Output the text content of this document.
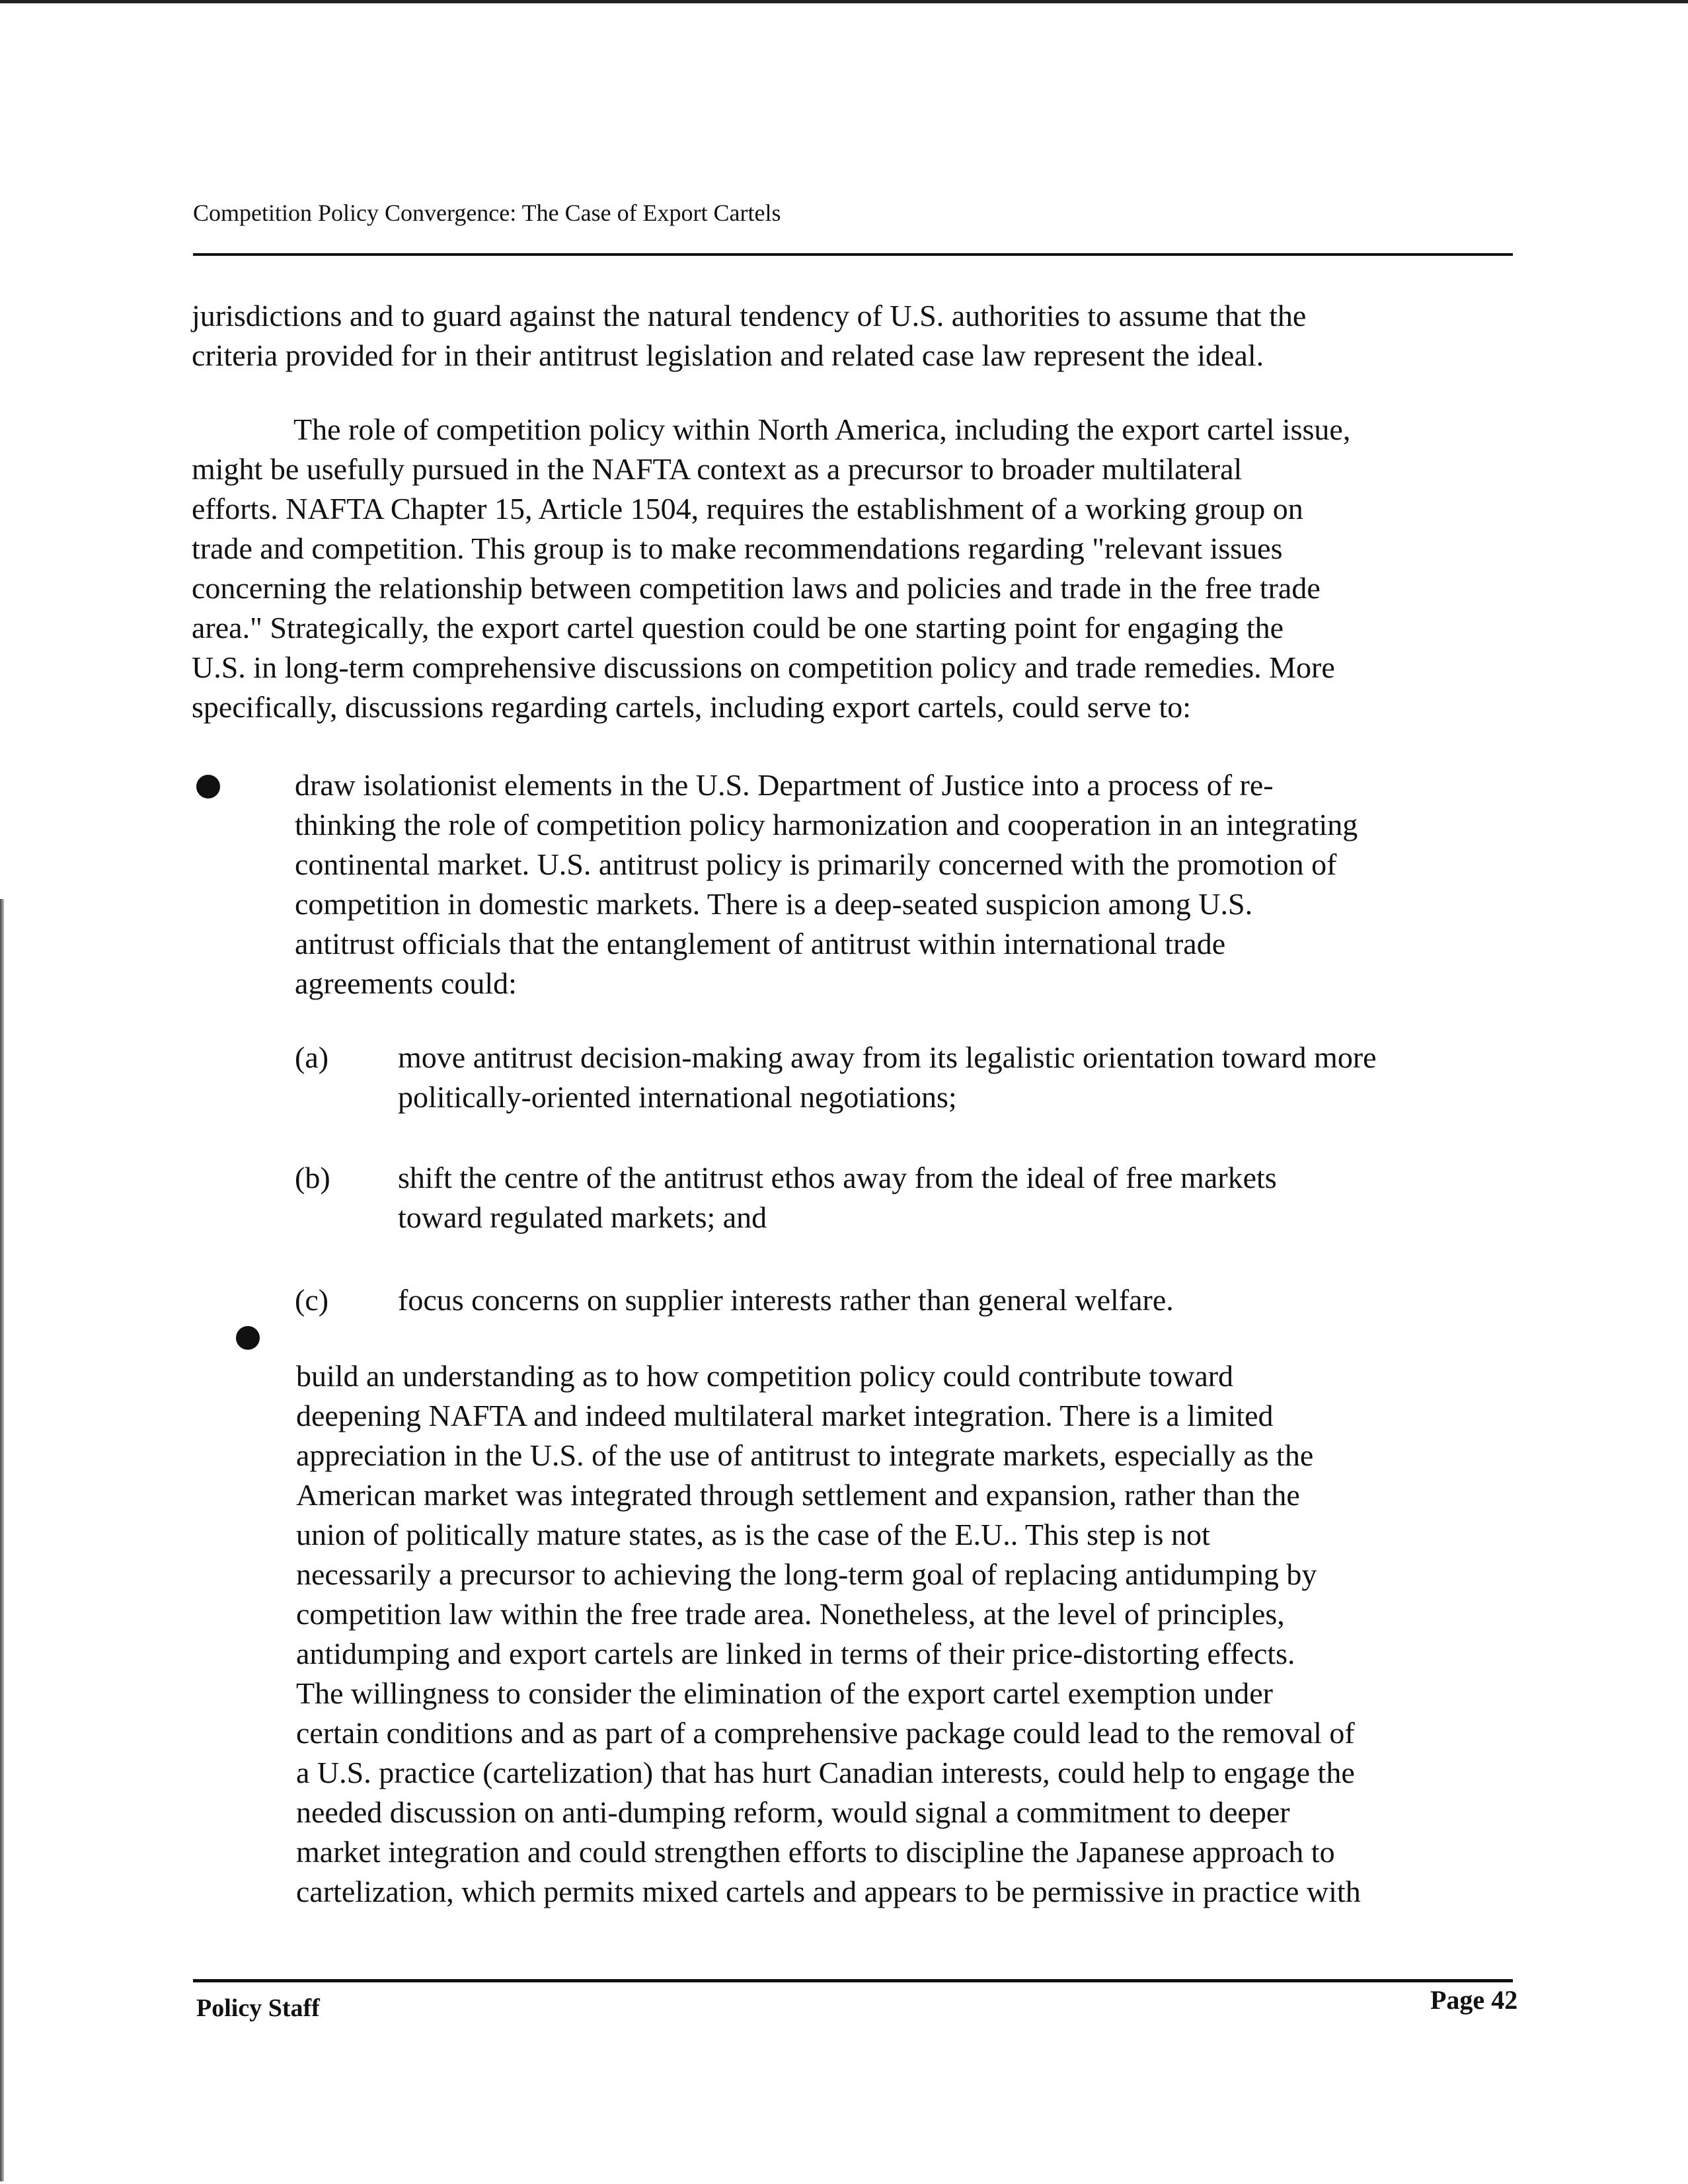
Competition Policy Convergence: The Case of Export Cartels
jurisdictions and to guard against the natural tendency of U.S. authorities to assume that the
criteria provided for in their antitrust legislation and related case law represent the ideal.
The role of competition policy within North America, including the export cartel issue,
might be usefully pursued in the NAFTA context as a precursor to broader multilateral
efforts. NAFTA Chapter 15, Article 1504, requires the establishment of a working group on
trade and competition. This group is to make recommendations regarding "relevant issues
concerning the relationship between competition laws and policies and trade in the free trade
area." Strategically, the export cartel question could be one starting point for engaging the
U.S. in long-term comprehensive discussions on competition policy and trade remedies. More
specifically, discussions regarding cartels, including export cartels, could serve to:
draw isolationist elements in the U.S. Department of Justice into a process of re-
thinking the role of competition policy harmonization and cooperation in an integrating
continental market. U.S. antitrust policy is primarily concerned with the promotion of
competition in domestic markets. There is a deep-seated suspicion among U.S.
antitrust officials that the entanglement of antitrust within international trade
agreements could:
(a) move antitrust decision-making away from its legalistic orientation toward more
politically-oriented international negotiations;
(b) shift the centre of the antitrust ethos away from the ideal of free markets
toward regulated markets; and
(c) focus concerns on supplier interests rather than general welfare.
build an understanding as to how competition policy could contribute toward
deepening NAFTA and indeed multilateral market integration. There is a limited
appreciation in the U.S. of the use of antitrust to integrate markets, especially as the
American market was integrated through settlement and expansion, rather than the
union of politically mature states, as is the case of the E.U.. This step is not
necessarily a precursor to achieving the long-term goal of replacing antidumping by
competition law within the free trade area. Nonetheless, at the level of principles,
antidumping and export cartels are linked in terms of their price-distorting effects.
The willingness to consider the elimination of the export cartel exemption under
certain conditions and as part of a comprehensive package could lead to the removal of
a U.S. practice (cartelization) that has hurt Canadian interests, could help to engage the
needed discussion on anti-dumping reform, would signal a commitment to deeper
market integration and could strengthen efforts to discipline the Japanese approach to
cartelization, which permits mixed cartels and appears to be permissive in practice with
Policy Staff	Page 42
